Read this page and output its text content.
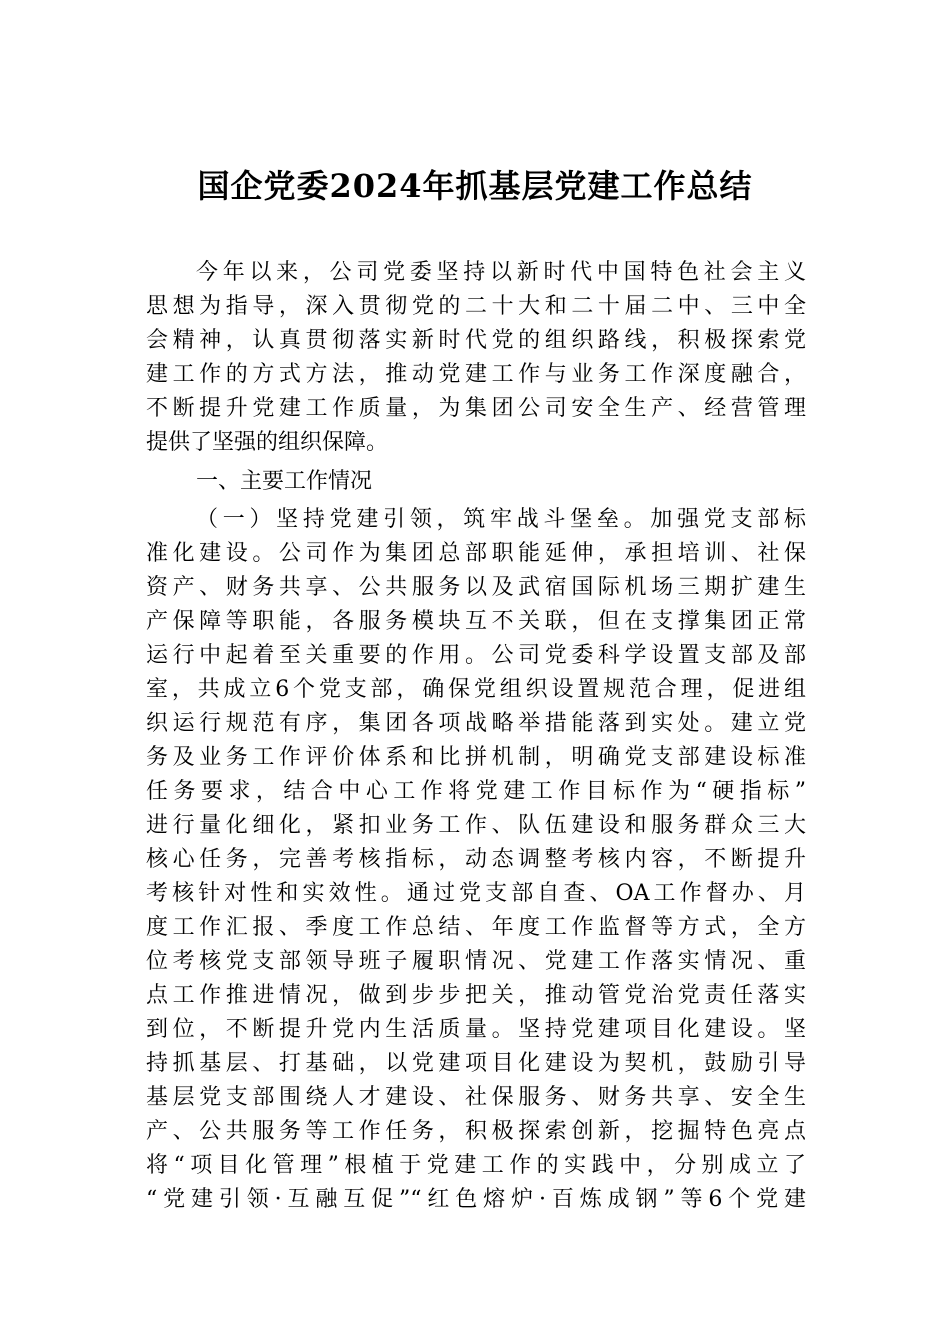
国企党委2024年抓基层党建工作总结
今年以来，公司党委坚持以新时代中国特色社会主义
思想为指导，深入贯彻党的二十大和二十届二中、三中全
会精神，认真贯彻落实新时代党的组织路线，积极探索党
建工作的方式方法，推动党建工作与业务工作深度融合，
不断提升党建工作质量，为集团公司安全生产、经营管理
提供了坚强的组织保障。
一、主要工作情况
（一）坚持党建引领，筑牢战斗堡垒。加强党支部标
准化建设。公司作为集团总部职能延伸，承担培训、社保
资产、财务共享、公共服务以及武宿国际机场三期扩建生
产保障等职能，各服务模块互不关联，但在支撑集团正常
运行中起着至关重要的作用。公司党委科学设置支部及部
室，共成立6个党支部，确保党组织设置规范合理，促进组
织运行规范有序，集团各项战略举措能落到实处。建立党
务及业务工作评价体系和比拼机制，明确党支部建设标准
任务要求，结合中心工作将党建工作目标作为“硬指标”
进行量化细化，紧扣业务工作、队伍建设和服务群众三大
核心任务，完善考核指标，动态调整考核内容，不断提升
考核针对性和实效性。通过党支部自查、OA工作督办、月
度工作汇报、季度工作总结、年度工作监督等方式，全方
位考核党支部领导班子履职情况、党建工作落实情况、重
点工作推进情况，做到步步把关，推动管党治党责任落实
到位，不断提升党内生活质量。坚持党建项目化建设。坚
持抓基层、打基础，以党建项目化建设为契机，鼓励引导
基层党支部围绕人才建设、社保服务、财务共享、安全生
产、公共服务等工作任务，积极探索创新，挖掘特色亮点
将“项目化管理”根植于党建工作的实践中，分别成立了
“党建引领·互融互促”“红色熔炉·百炼成钢”等6个党建
